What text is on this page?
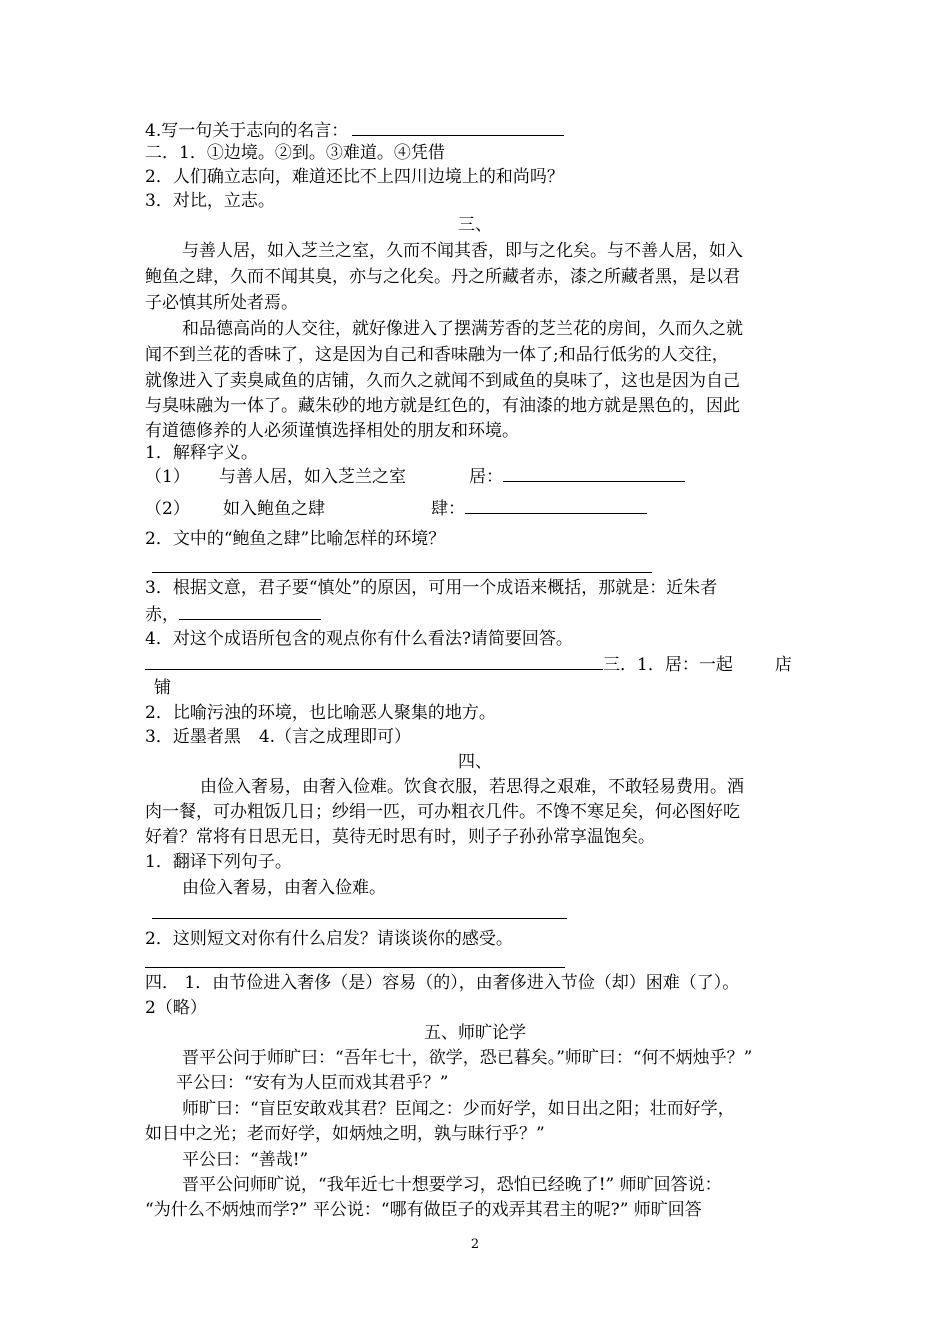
4.写一句关于志向的名言：
二．1．①边境。②到。③难道。④凭借
2．人们确立志向，难道还比不上四川边境上的和尚吗？
3．对比，立志。
三、
与善人居，如入芝兰之室，久而不闻其香，即与之化矣。与不善人居，如入
鲍鱼之肆，久而不闻其臭，亦与之化矣。丹之所藏者赤，漆之所藏者黑，是以君
子必慎其所处者焉。
和品德高尚的人交往，就好像进入了摆满芳香的芝兰花的房间，久而久之就
闻不到兰花的香味了，这是因为自己和香味融为一体了;和品行低劣的人交往，
就像进入了卖臭咸鱼的店铺，久而久之就闻不到咸鱼的臭味了，这也是因为自己
与臭味融为一体了。藏朱砂的地方就是红色的，有油漆的地方就是黑色的，因此
有道德修养的人必须谨慎选择相处的朋友和环境。
1．解释字义。
（1） 与善人居，如入芝兰之室	居：
（2） 如入鲍鱼之肆	肆：
2．文中的“鲍鱼之肆”比喻怎样的环境？
3．根据文意，君子要“慎处”的原因，可用一个成语来概括，那就是：近朱者
赤，
4．对这个成语所包含的观点你有什么看法?请简要回答。
三．1．居：一起 店
铺
2．比喻污浊的环境，也比喻恶人聚集的地方。
3．近墨者黑 4.（言之成理即可）
四、
由俭入奢易，由奢入俭难。饮食衣服，若思得之艰难，不敢轻易费用。酒
肉一餐，可办粗饭几日；纱绢一匹，可办粗衣几件。不馋不寒足矣，何必图好吃
好着？常将有日思无日，莫待无时思有时，则子子孙孙常享温饱矣。
1．翻译下列句子。
由俭入奢易，由奢入俭难。
2．这则短文对你有什么启发？请谈谈你的感受。
四． 1．由节俭进入奢侈（是）容易（的），由奢侈进入节俭（却）困难（了）。
2（略）
五、师旷论学
晋平公问于师旷曰：“吾年七十，欲学，恐已暮矣。”师旷曰：“何不炳烛乎？”
平公曰：“安有为人臣而戏其君乎？”
师旷曰：“盲臣安敢戏其君？臣闻之：少而好学，如日出之阳；壮而好学，
如日中之光；老而好学，如炳烛之明，孰与昧行乎？”
平公曰：“善哉!”
晋平公问师旷说，“我年近七十想要学习，恐怕已经晚了!” 师旷回答说：
“为什么不炳烛而学?” 平公说：“哪有做臣子的戏弄其君主的呢?” 师旷回答
2
